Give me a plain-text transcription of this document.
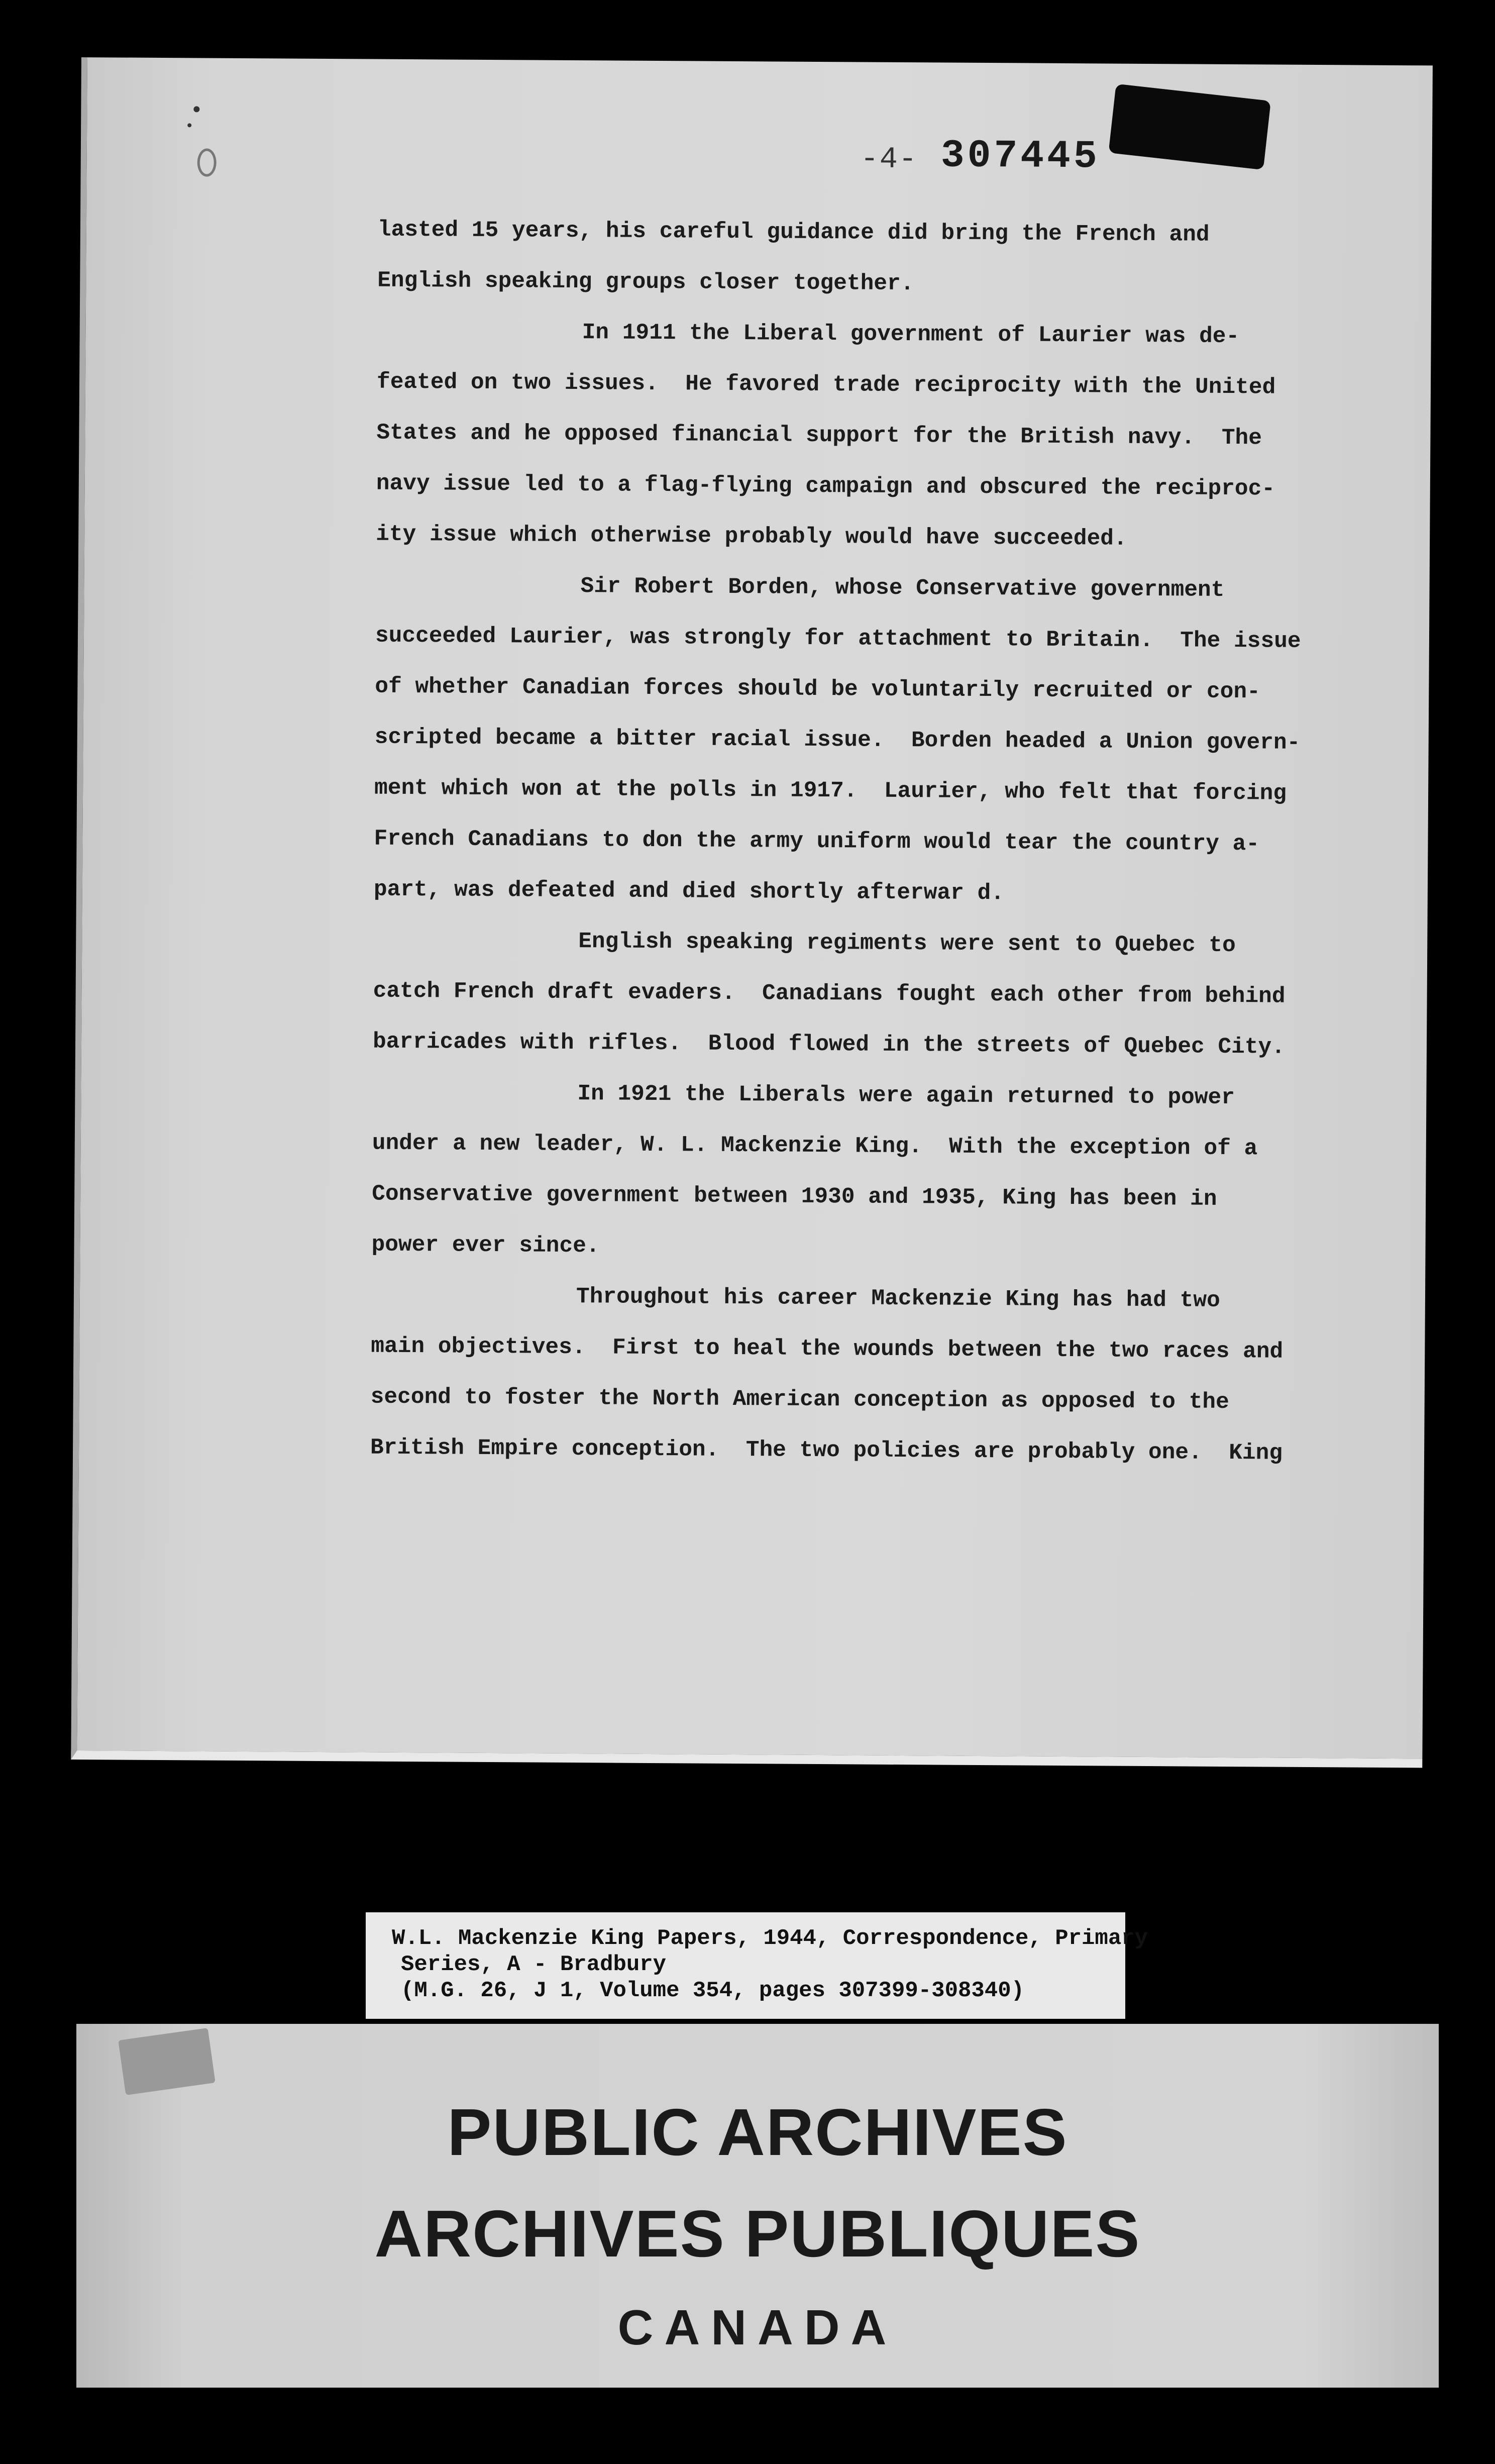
-4- 307445
lasted 15 years, his careful guidance did bring the French and
English speaking groups closer together.
In 1911 the Liberal government of Laurier was de-
feated on two issues.  He favored trade reciprocity with the United
States and he opposed financial support for the British navy.  The
navy issue led to a flag-flying campaign and obscured the reciproc-
ity issue which otherwise probably would have succeeded.
Sir Robert Borden, whose Conservative government
succeeded Laurier, was strongly for attachment to Britain.  The issue
of whether Canadian forces should be voluntarily recruited or con-
scripted became a bitter racial issue.  Borden headed a Union govern-
ment which won at the polls in 1917.  Laurier, who felt that forcing
French Canadians to don the army uniform would tear the country a-
part, was defeated and died shortly afterwar d.
English speaking regiments were sent to Quebec to
catch French draft evaders.  Canadians fought each other from behind
barricades with rifles.  Blood flowed in the streets of Quebec City.
In 1921 the Liberals were again returned to power
under a new leader, W. L. Mackenzie King.  With the exception of a
Conservative government between 1930 and 1935, King has been in
power ever since.
Throughout his career Mackenzie King has had two
main objectives.  First to heal the wounds between the two races and
second to foster the North American conception as opposed to the
British Empire conception.  The two policies are probably one.  King
W.L. Mackenzie King Papers, 1944, Correspondence, Primary
Series, A - Bradbury
(M.G. 26, J 1, Volume 354, pages 307399-308340)
PUBLIC ARCHIVES
ARCHIVES PUBLIQUES
CANADA
